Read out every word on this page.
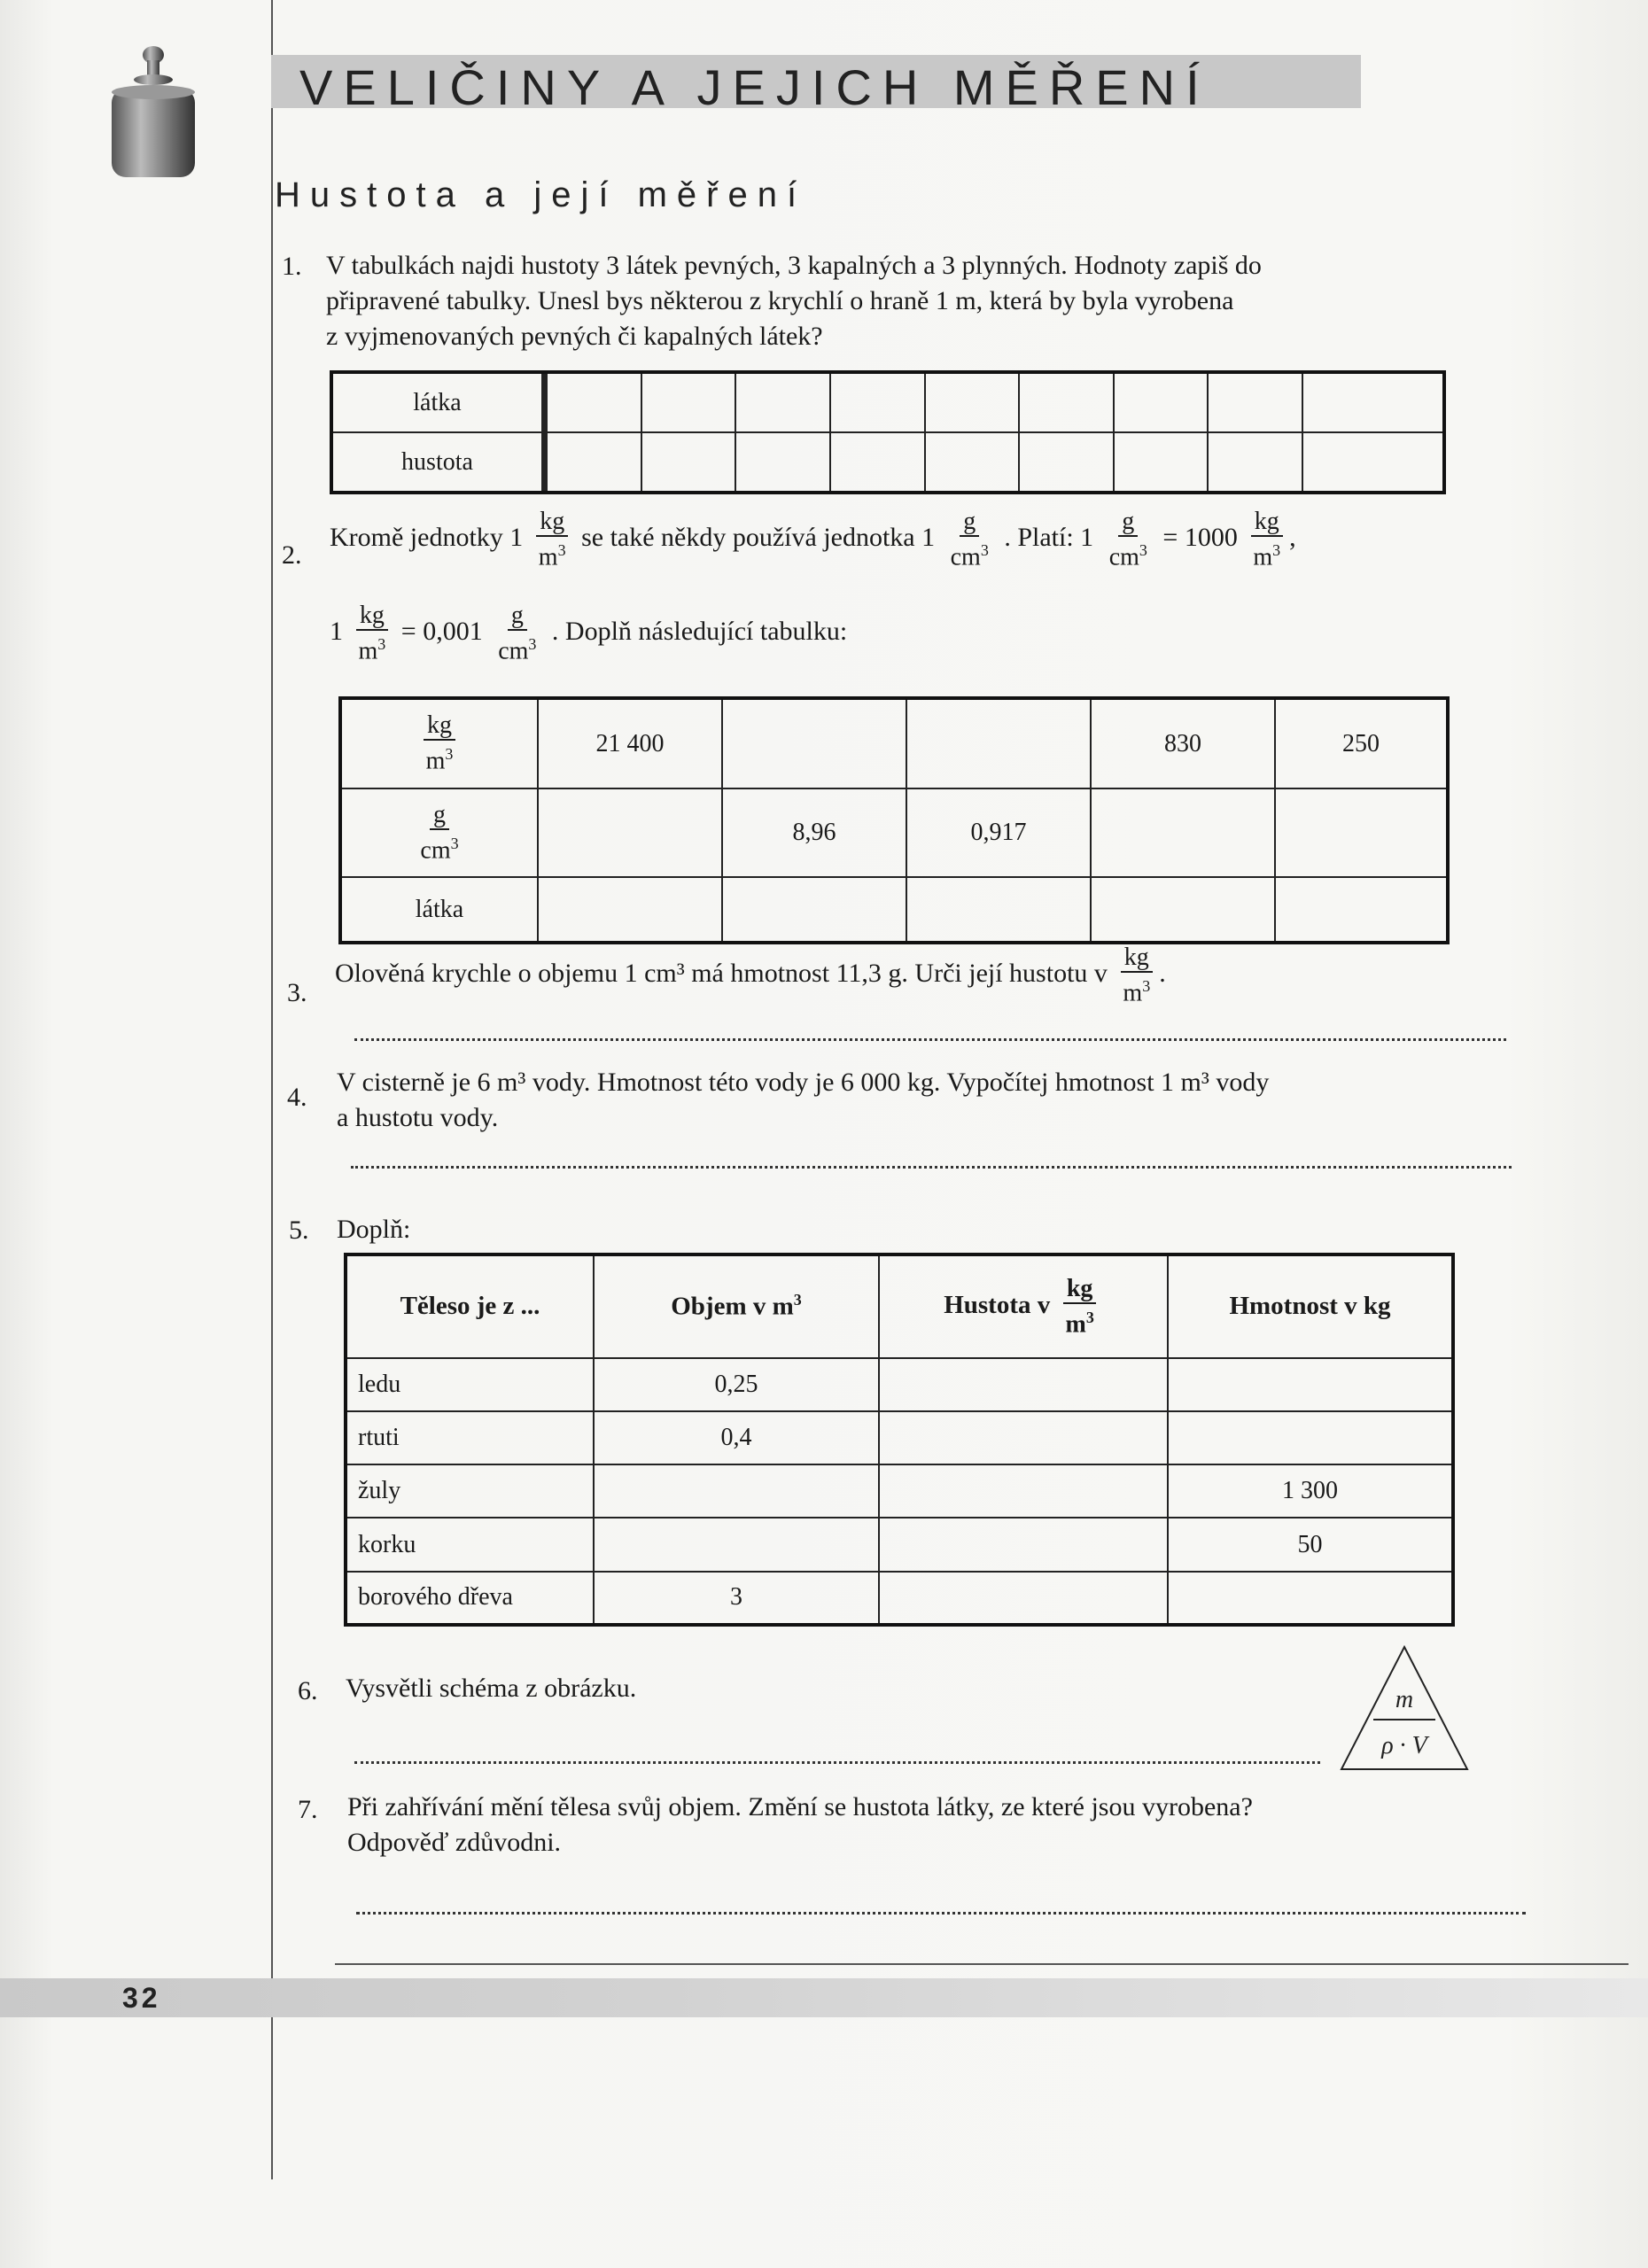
VELIČINY A JEJICH MĚŘENÍ
Hustota a její měření
1. V tabulkách najdi hustoty 3 látek pevných, 3 kapalných a 3 plynných. Hodnoty zapiš do
připravené tabulky. Unesl bys některou z krychlí o hraně 1 m, která by byla vyrobena
z vyjmenovaných pevných či kapalných látek?
látka										
hustota										
2.
Kromě jednotky $1 \frac{kg}{m^3}$ se také někdy používá jednotka $1 \frac{g}{cm^3}$ . Platí: $1 \frac{g}{cm^3} = 1000 \frac{kg}{m^3}$ ,
$1 \frac{kg}{m^3} = 0,001 \frac{g}{cm^3}$ . Doplň následující tabulku:
$\frac{kg}{m^3}$	21 400			830	250

$\frac{g}{cm^3}$		8,96	0,917		
látka					
3.
Olověná krychle o objemu 1 cm³ má hmotnost 11,3 g. Urči její hustotu v $\frac{kg}{m^3}$ .
4.
V cisterně je 6 m³ vody. Hmotnost této vody je 6 000 kg. Vypočítej hmotnost 1 m³ vody
a hustotu vody.
5. Doplň:
Těleso je z ...	Objem v $m^3$	Hustota v $\frac{kg}{m^3}$	Hmotnost v kg
ledu	0,25		
rtuti	0,4		
žuly			1 300
korku			50
borového dřeva	3		
6. Vysvětli schéma z obrázku.	m
ρ · V
7. Při zahřívání mění tělesa svůj objem. Změní se hustota látky, ze které jsou vyrobena?
Odpověď zdůvodni.
32
